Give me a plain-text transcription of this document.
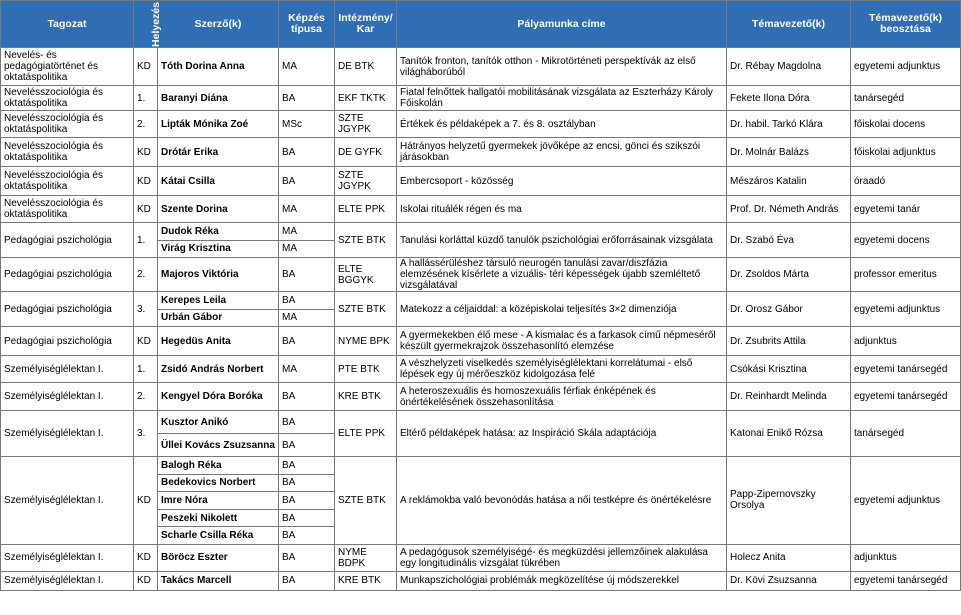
Tagozat	Helyezés	Szerző(k)	Képzés típusa	Intézmény/ Kar	Pályamunka címe	Témavezető(k)	Témavezető(k) beosztása
Nevelés- és pedagógiatörténet és oktatáspolitika	KD	Tóth Dorina Anna	MA	DE BTK	Tanítók fronton, tanítók otthon - Mikrotörténeti perspektívák az első világháborúból	Dr. Rébay Magdolna	egyetemi adjunktus
Nevelésszociológia és oktatáspolitika	1.	Baranyi Diána	BA	EKF TKTK	Fiatal felnőttek hallgatói mobilitásának vizsgálata az Eszterházy Károly Főiskolán	Fekete Ilona Dóra	tanársegéd
Nevelésszociológia és oktatáspolitika	2.	Lipták Mónika Zoé	MSc	SZTE JGYPK	Értékek és példaképek a 7. és 8. osztályban	Dr. habil. Tarkó Klára	főiskolai docens
Nevelésszociológia és oktatáspolitika	KD	Drótár Erika	BA	DE GYFK	Hátrányos helyzetű gyermekek jövőképe az encsi, gönci és szikszói járásokban	Dr. Molnár Balázs	főiskolai adjunktus
Nevelésszociológia és oktatáspolitika	KD	Kátai Csilla	BA	SZTE JGYPK	Embercsoport - közösség	Mészáros Katalin	óraadó
Nevelésszociológia és oktatáspolitika	KD	Szente Dorina	MA	ELTE PPK	Iskolai rituálék régen és ma	Prof. Dr. Németh András	egyetemi tanár
Pedagógiai pszichológia	1.	Dudok Réka	MA	SZTE BTK	Tanulási korláttal küzdő tanulók pszichológiai erőforrásainak vizsgálata	Dr. Szabó Éva	egyetemi docens
		Virág Krisztina	MA				
Pedagógiai pszichológia	2.	Majoros Viktória	BA	ELTE BGGYK	A hallássérüléshez társuló neurogén tanulási zavar/diszfázia elemzésének kísérlete a vizuális- téri képességek újabb szemléltető vizsgálatával	Dr. Zsoldos Márta	professor emeritus
Pedagógiai pszichológia	3.	Kerepes Leila	BA	SZTE BTK	Matekozz a céljaiddal: a középiskolai teljesítés 3×2 dimenziója	Dr. Orosz Gábor	egyetemi adjunktus
		Urbán Gábor	MA				
Pedagógiai pszichológia	KD	Hegedüs Anita	BA	NYME BPK	A gyermekekben élő mese - A kismalac és a farkasok című népmeséről készült gyermekrajzok összehasonlító elemzése	Dr. Zsubrits Attila	adjunktus
Személyiséglélektan I.	1.	Zsidó András Norbert	MA	PTE BTK	A vészhelyzeti viselkedés személyiséglélektani korrelátumai - első lépések egy új mérőeszköz kidolgozása felé	Csókási Krisztina	egyetemi tanársegéd
Személyiséglélektan I.	2.	Kengyel Dóra Boróka	BA	KRE BTK	A heteroszexuális és homoszexuális férfiak énképének és önértékelésének összehasonlítása	Dr. Reinhardt Melinda	egyetemi tanársegéd
Személyiséglélektan I.	3.	Kusztor Anikó	BA	ELTE PPK	Eltérő példaképek hatása: az Inspiráció Skála adaptációja	Katonai Enikő Rózsa	tanársegéd
		Üllei Kovács Zsuzsanna	BA				
Személyiséglélektan I.	KD	Balogh Réka	BA	SZTE BTK	A reklámokba való bevonódás hatása a női testképre és önértékelésre	Papp-Zipernovszky Orsolya	egyetemi adjunktus
		Bedekovics Norbert	BA				
		Imre Nóra	BA				
		Peszeki Nikolett	BA				
		Scharle Csilla Réka	BA				
Személyiséglélektan I.	KD	Böröcz Eszter	BA	NYME BDPK	A pedagógusok személyiségé- és megküzdési jellemzőinek alakulása egy longitudinális vizsgálat tükrében	Holecz Anita	adjunktus
Személyiséglélektan I.	KD	Takács Marcell	BA	KRE BTK	Munkapszichológiai problémák megközelítése új módszerekkel	Dr. Kövi Zsuzsanna	egyetemi tanársegéd
